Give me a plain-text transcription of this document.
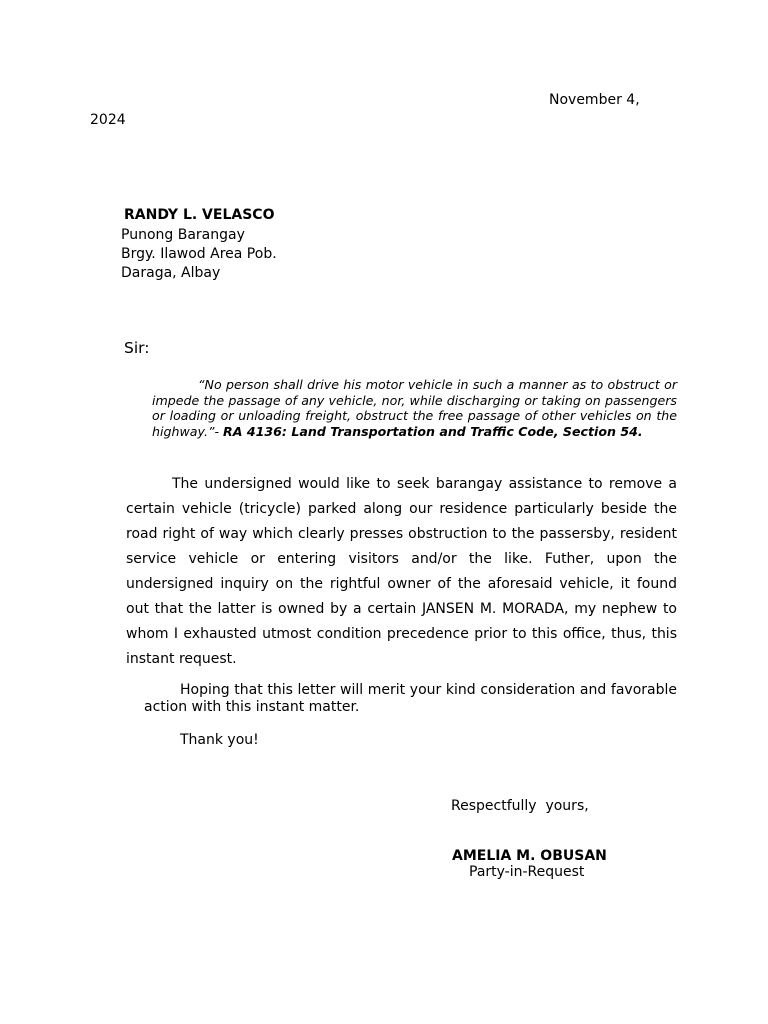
November 4,
2024
RANDY L. VELASCO
Punong Barangay
Brgy. Ilawod Area Pob.
Daraga, Albay
Sir:
“No person shall drive his motor vehicle in such a manner as to obstruct or impede the passage of any vehicle, nor, while discharging or taking on passengers or loading or unloading freight, obstruct the free passage of other vehicles on the highway.”- RA 4136: Land Transportation and Traffic Code, Section 54.
The undersigned would like to seek barangay assistance to remove a certain vehicle (tricycle) parked along our residence particularly beside the road right of way which clearly presses obstruction to the passersby, resident service vehicle or entering visitors and/or the like. Futher, upon the undersigned inquiry on the rightful owner of the aforesaid vehicle, it found out that the latter is owned by a certain JANSEN M. MORADA, my nephew to whom I exhausted utmost condition precedence prior to this office, thus, this instant request.
Hoping that this letter will merit your kind consideration and favorable action with this instant matter.
Thank you!
Respectfully  yours,
AMELIA M. OBUSAN
Party-in-Request
